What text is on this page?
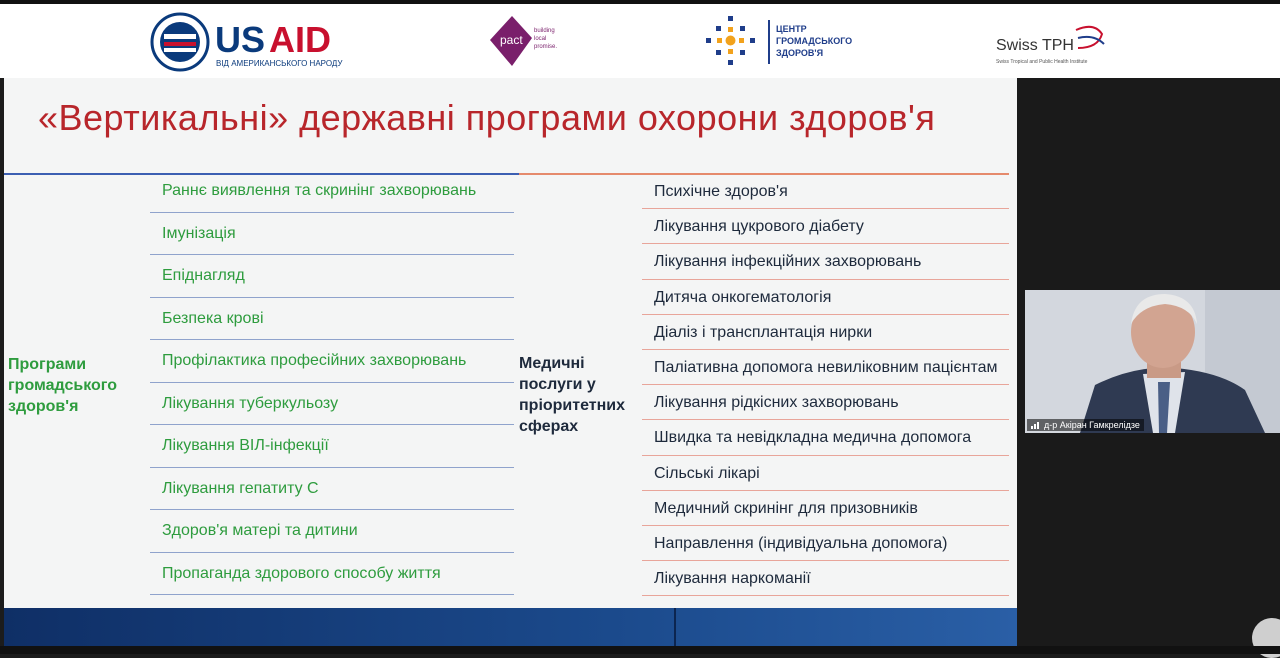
US AID
ВІД АМЕРИКАНСЬКОГО НАРОДУ
pact
building
local
promise.
ЦЕНТР
ГРОМАДСЬКОГО
ЗДОРОВ'Я	Swiss TPH
Swiss Tropical and Public Health Institute
«Вертикальні» державні програми охорони здоров'я
Програми громадського здоров'я
Раннє виявлення та скринінг захворювань
Імунізація
Епіднагляд
Безпека крові
Профілактика професійних захворювань
Лікування туберкульозу
Лікування ВІЛ-інфекції
Лікування гепатиту С
Здоров'я матері та дитини
Пропаганда здорового способу життя
Медичні послуги у пріоритетних сферах
Психічне здоров'я
Лікування цукрового діабету
Лікування інфекційних захворювань
Дитяча онкогематологія
Діаліз і трансплантація нирки
Паліативна допомога невиліковним пацієнтам
Лікування рідкісних захворювань
Швидка та невідкладна медична допомога
Сільські лікарі
Медичний скринінг для призовників
Направлення (індивідуальна допомога)
Лікування наркоманії
д-р Акіран Гамкрелідзе
